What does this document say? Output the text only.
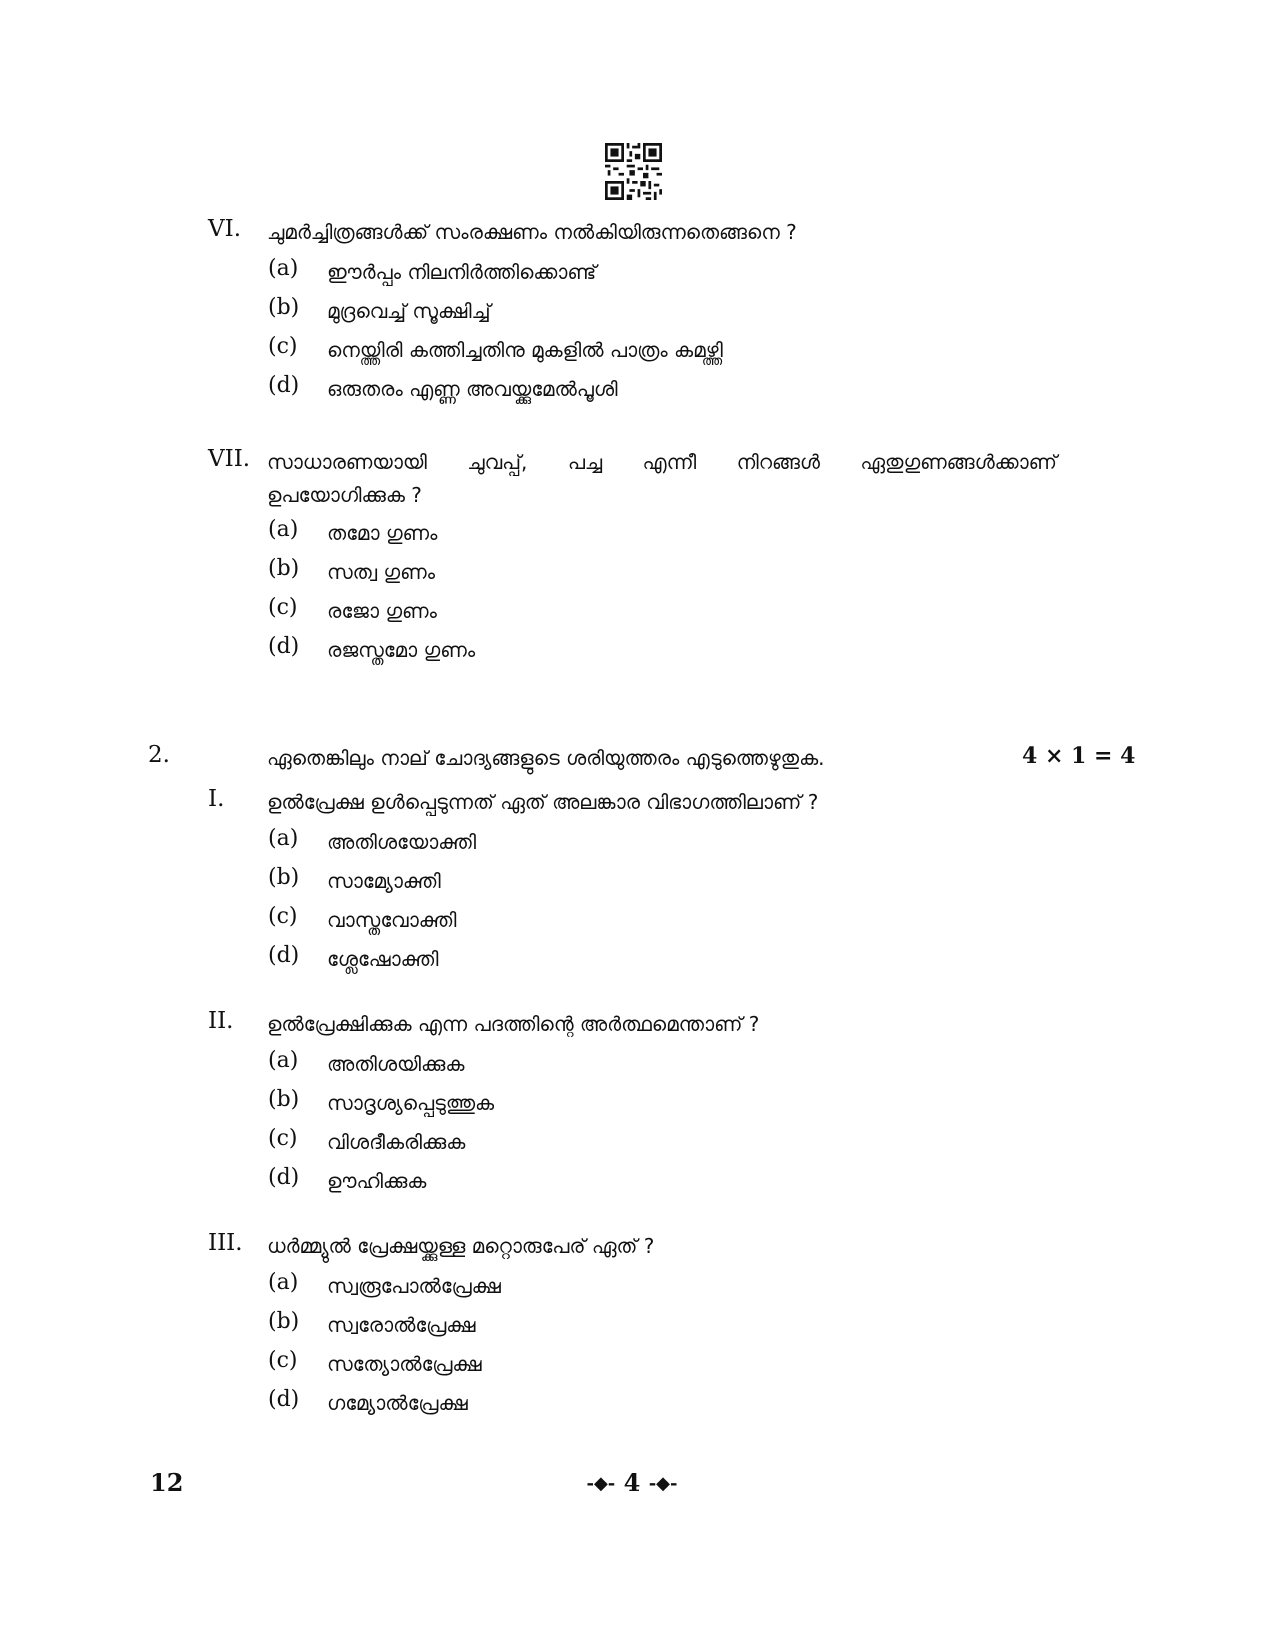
VI. ചുമർച്ചിത്രങ്ങൾക്ക് സംരക്ഷണം നൽകിയിരുന്നതെങ്ങനെ ?
(a) ഈർപ്പം നിലനിർത്തിക്കൊണ്ട്
(b) മുദ്രവെച്ച് സൂക്ഷിച്ച്
(c) നെയ്ത്തിരി കത്തിച്ചതിനു മുകളിൽ പാത്രം കമഴ്ത്തി
(d) ഒരുതരം എണ്ണ അവയ്ക്കുമേൽപൂശി
VII. സാധാരണയായി ചുവപ്പ്, പച്ച എന്നീ നിറങ്ങൾ ഏതുഗുണങ്ങൾക്കാണ്
ഉപയോഗിക്കുക ?
(a) തമോ ഗുണം
(b) സത്വ ഗുണം
(c) രജോ ഗുണം
(d) രജസ്തമോ ഗുണം
2.	ഏതെങ്കിലും നാല് ചോദ്യങ്ങളുടെ ശരിയുത്തരം എടുത്തെഴുതുക.	4 × 1 = 4
I. ഉൽപ്രേക്ഷ ഉൾപ്പെടുന്നത് ഏത് അലങ്കാര വിഭാഗത്തിലാണ് ?
(a) അതിശയോക്തി
(b) സാമ്യോക്തി
(c) വാസ്തവോക്തി
(d) ശ്ലേഷോക്തി
II. ഉൽപ്രേക്ഷിക്കുക എന്ന പദത്തിന്റെ അർത്ഥമെന്താണ് ?
(a) അതിശയിക്കുക
(b) സാദൃശ്യപ്പെടുത്തുക
(c) വിശദീകരിക്കുക
(d) ഊഹിക്കുക
III. ധർമ്മ്യുൽ പ്രേക്ഷയ്ക്കുള്ള മറ്റൊരുപേര് ഏത് ?
(a) സ്വരൂപോൽപ്രേക്ഷ
(b) സ്വരോൽപ്രേക്ഷ
(c) സത്യോൽപ്രേക്ഷ
(d) ഗമ്യോൽപ്രേക്ഷ
12	-◆- 4 -◆-
